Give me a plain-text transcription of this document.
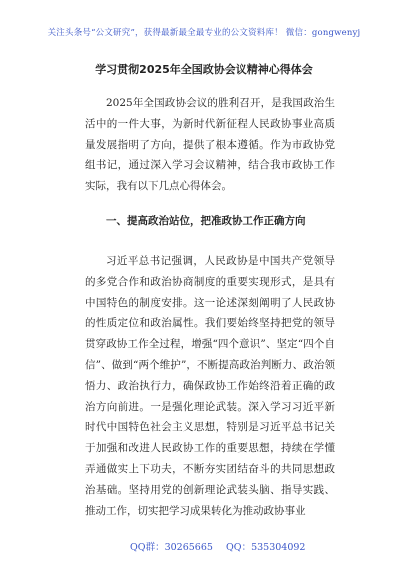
关注头条号“公文研究”，获得最新最全最专业的公文资料库！ 微信：gongwenyj
学习贯彻2025年全国政协会议精神心得体会

2025年全国政协会议的胜利召开，是我国政治生活中的一件大事，为新时代新征程人民政协事业高质量发展指明了方向，提供了根本遵循。作为市政协党组书记，通过深入学习会议精神，结合我市政协工作实际，我有以下几点心得体会。

一、提高政治站位，把准政协工作正确方向

习近平总书记强调，人民政协是中国共产党领导的多党合作和政治协商制度的重要实现形式，是具有中国特色的制度安排。这一论述深刻阐明了人民政协的性质定位和政治属性。我们要始终坚持把党的领导贯穿政协工作全过程，增强“四个意识”、坚定“四个自信”、做到“两个维护”，不断提高政治判断力、政治领悟力、政治执行力，确保政协工作始终沿着正确的政治方向前进。一是强化理论武装。深入学习习近平新时代中国特色社会主义思想，特别是习近平总书记关于加强和改进人民政协工作的重要思想，持续在学懂弄通做实上下功夫，不断夯实团结奋斗的共同思想政治基础。坚持用党的创新理论武装头脑、指导实践、推动工作，切实把学习成果转化为推动政协事业

QQ群：30265665 QQ：535304092
